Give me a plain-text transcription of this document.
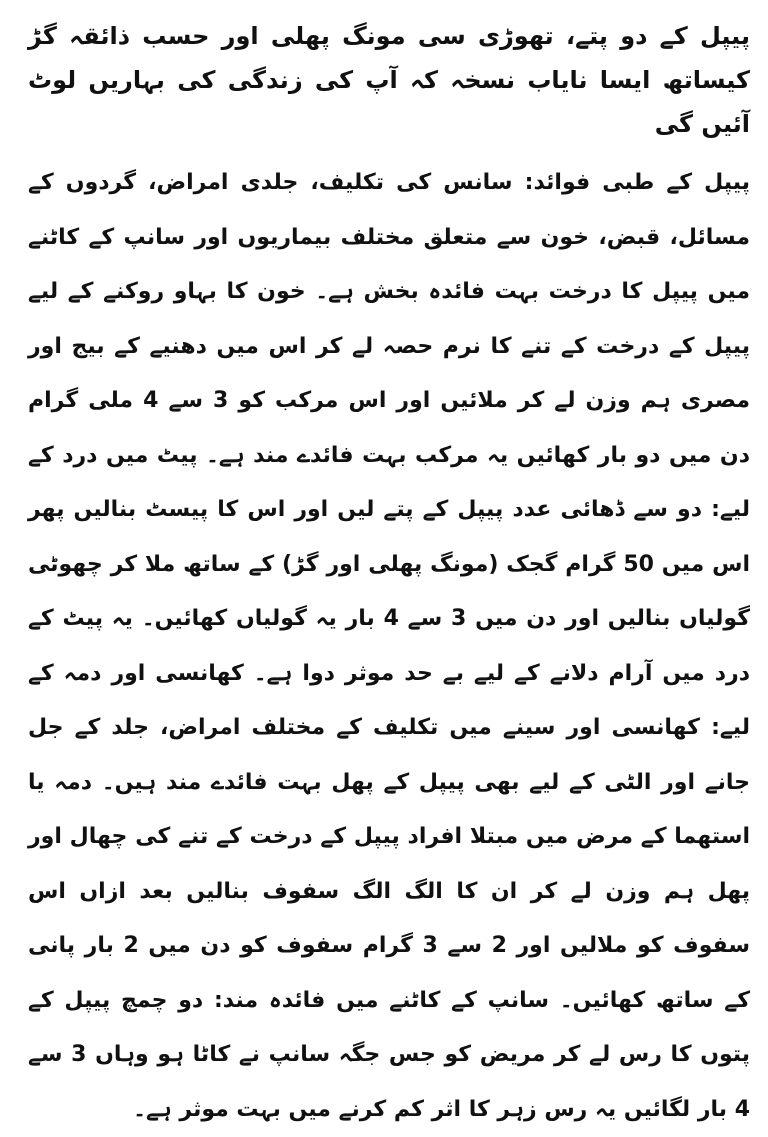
پیپل کے دو پتے، تھوڑی سی مونگ پھلی اور حسب ذائقہ گڑ کیساتھ ایسا نایاب نسخہ کہ آپ کی زندگی کی بہاریں لوٹ آئیں گی

پیپل کے طبی فوائد: سانس کی تکلیف، جلدی امراض، گردوں کے مسائل، قبض، خون سے متعلق مختلف بیماریوں اور سانپ کے کاٹنے میں پیپل کا درخت بہت فائدہ بخش ہے۔ خون کا بہاو روکنے کے لیے پیپل کے درخت کے تنے کا نرم حصہ لے کر اس میں دھنیے کے بیج اور مصری ہم وزن لے کر ملائیں اور اس مرکب کو 3 سے 4 ملی گرام دن میں دو بار کھائیں یہ مرکب بہت فائدے مند ہے۔ پیٹ میں درد کے لیے: دو سے ڈھائی عدد پیپل کے پتے لیں اور اس کا پیسٹ بنالیں پھر اس میں 50 گرام گجک (مونگ پھلی اور گڑ) کے ساتھ ملا کر چھوٹی گولیاں بنالیں اور دن میں 3 سے 4 بار یہ گولیاں کھائیں۔ یہ پیٹ کے درد میں آرام دلانے کے لیے بے حد موثر دوا ہے۔ کھانسی اور دمہ کے لیے: کھانسی اور سینے میں تکلیف کے مختلف امراض، جلد کے جل جانے اور الٹی کے لیے بھی پیپل کے پھل بہت فائدے مند ہیں۔ دمہ یا استھما کے مرض میں مبتلا افراد پیپل کے درخت کے تنے کی چھال اور پھل ہم وزن لے کر ان کا الگ الگ سفوف بنالیں بعد ازاں اس سفوف کو ملالیں اور 2 سے 3 گرام سفوف کو دن میں 2 بار پانی کے ساتھ کھائیں۔ سانپ کے کاٹنے میں فائدہ مند: دو چمچ پیپل کے پتوں کا رس لے کر مریض کو جس جگہ سانپ نے کاٹا ہو وہاں 3 سے 4 بار لگائیں یہ رس زہر کا اثر کم کرنے میں بہت موثر ہے۔
